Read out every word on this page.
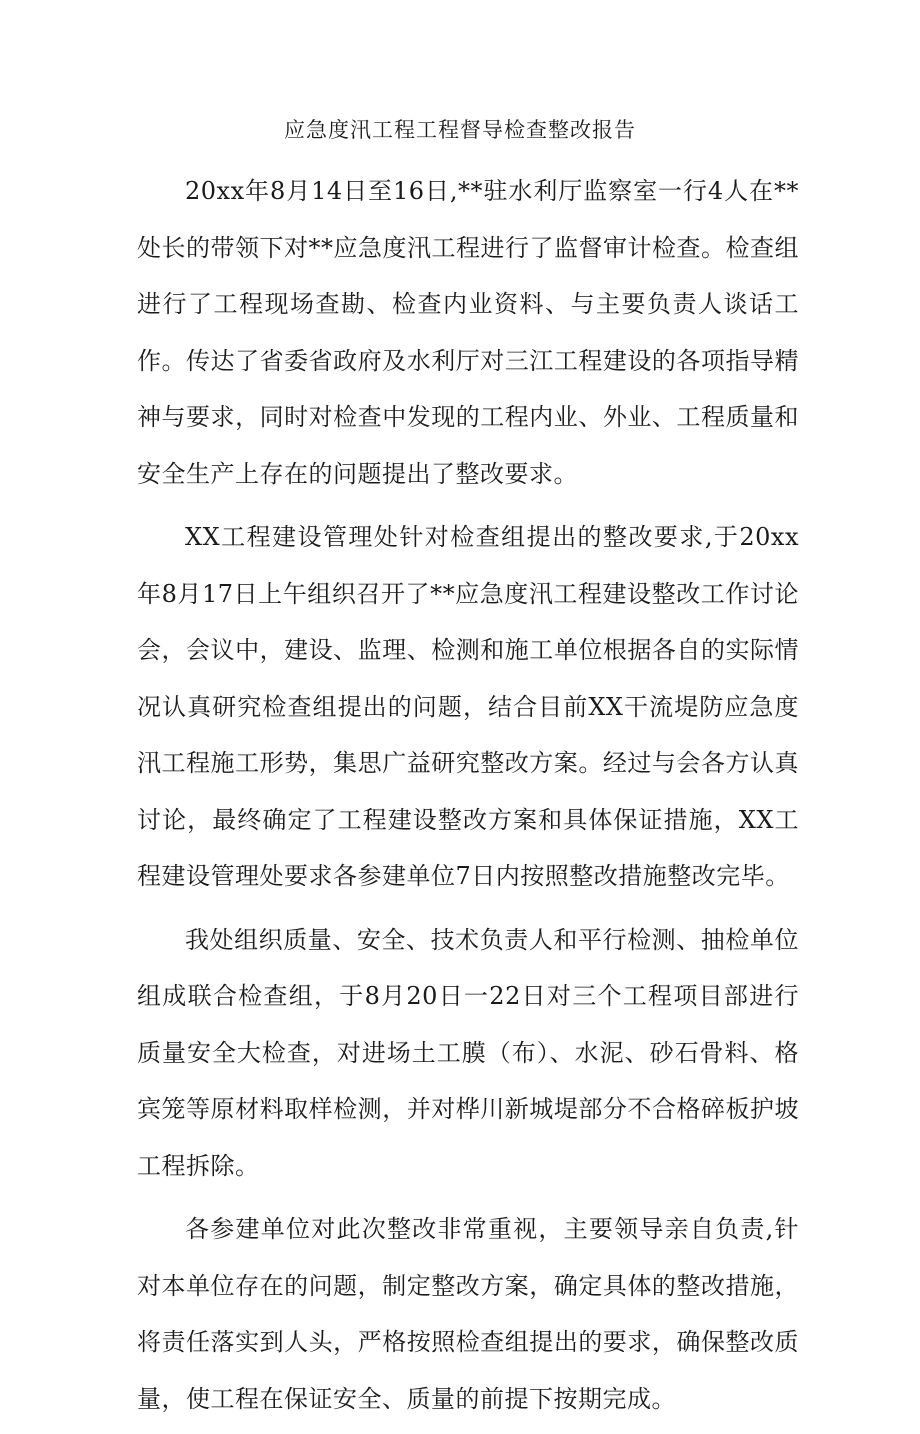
应急度汛工程工程督导检查整改报告

20xx年8月14日至16日,**驻水利厅监察室一行4人在**处长的带领下对**应急度汛工程进行了监督审计检查。检查组进行了工程现场查勘、检查内业资料、与主要负责人谈话工作。传达了省委省政府及水利厅对三江工程建设的各项指导精神与要求，同时对检查中发现的工程内业、外业、工程质量和安全生产上存在的问题提出了整改要求。

XX工程建设管理处针对检查组提出的整改要求,于20xx年8月17日上午组织召开了**应急度汛工程建设整改工作讨论会，会议中，建设、监理、检测和施工单位根据各自的实际情况认真研究检查组提出的问题，结合目前XX干流堤防应急度汛工程施工形势，集思广益研究整改方案。经过与会各方认真讨论，最终确定了工程建设整改方案和具体保证措施，XX工程建设管理处要求各参建单位7日内按照整改措施整改完毕。

我处组织质量、安全、技术负责人和平行检测、抽检单位组成联合检查组，于8月20日一22日对三个工程项目部进行质量安全大检查，对进场土工膜（布）、水泥、砂石骨料、格宾笼等原材料取样检测，并对桦川新城堤部分不合格碎板护坡工程拆除。

各参建单位对此次整改非常重视，主要领导亲自负责,针对本单位存在的问题，制定整改方案，确定具体的整改措施，将责任落实到人头，严格按照检查组提出的要求，确保整改质量，使工程在保证安全、质量的前提下按期完成。
